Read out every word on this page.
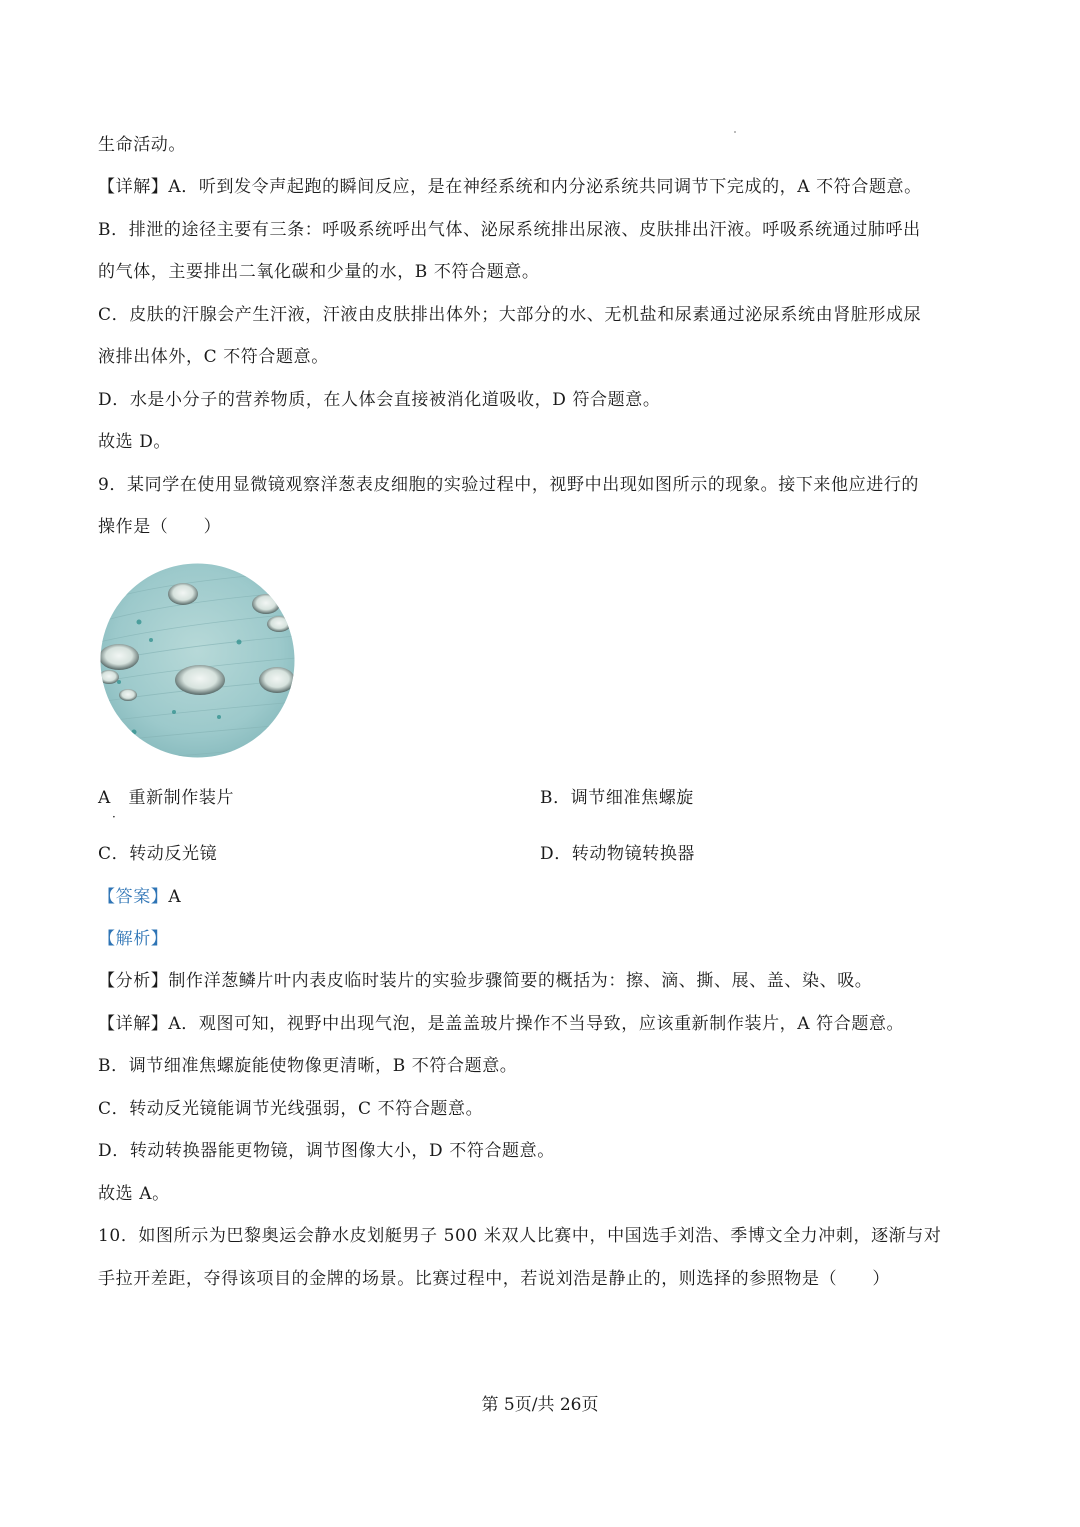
生命活动。
【详解】A．听到发令声起跑的瞬间反应，是在神经系统和内分泌系统共同调节下完成的，A 不符合题意。
B．排泄的途径主要有三条：呼吸系统呼出气体、泌尿系统排出尿液、皮肤排出汗液。呼吸系统通过肺呼出
的气体，主要排出二氧化碳和少量的水，B 不符合题意。
C．皮肤的汗腺会产生汗液，汗液由皮肤排出体外；大部分的水、无机盐和尿素通过泌尿系统由肾脏形成尿
液排出体外，C 不符合题意。
D．水是小分子的营养物质，在人体会直接被消化道吸收，D 符合题意。
故选 D。
9．某同学在使用显微镜观察洋葱表皮细胞的实验过程中，视野中出现如图所示的现象。接下来他应进行的
操作是（　　）
A　重新制作装片
·
B．调节细准焦螺旋
C．转动反光镜	D．转动物镜转换器
【答案】A
【解析】
【分析】制作洋葱鳞片叶内表皮临时装片的实验步骤简要的概括为：擦、滴、撕、展、盖、染、吸。
【详解】A．观图可知，视野中出现气泡，是盖盖玻片操作不当导致，应该重新制作装片，A 符合题意。
B．调节细准焦螺旋能使物像更清晰，B 不符合题意。
C．转动反光镜能调节光线强弱，C 不符合题意。
D．转动转换器能更物镜，调节图像大小，D 不符合题意。
故选 A。
10．如图所示为巴黎奥运会静水皮划艇男子 500 米双人比赛中，中国选手刘浩、季博文全力冲刺，逐渐与对
手拉开差距，夺得该项目的金牌的场景。比赛过程中，若说刘浩是静止的，则选择的参照物是（　　）
第 5页/共 26页
